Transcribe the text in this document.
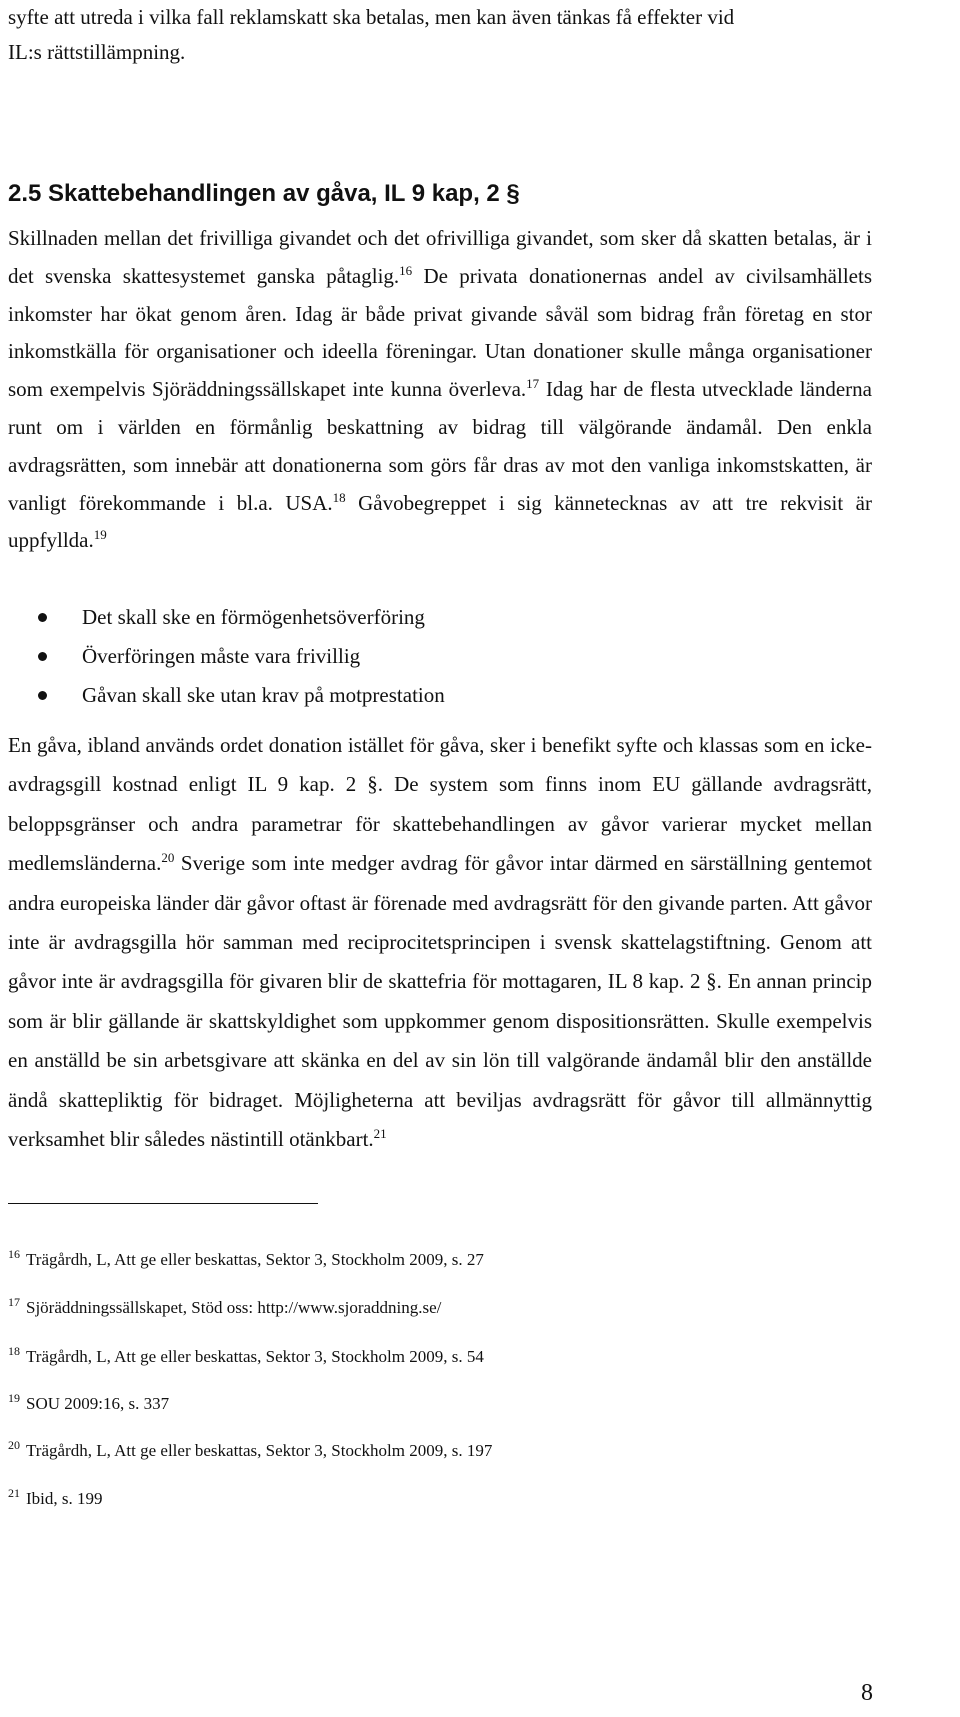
syfte att utreda i vilka fall reklamskatt ska betalas, men kan även tänkas få effekter vid

IL:s rättstillämpning.

2.5 Skattebehandlingen av gåva, IL 9 kap, 2 §

Skillnaden mellan det frivilliga givandet och det ofrivilliga givandet, som sker då skatten betalas, är i det svenska skattesystemet ganska påtaglig.$^{16}$ De privata donationernas andel av civilsamhällets inkomster har ökat genom åren. Idag är både privat givande såväl som bidrag från företag en stor inkomstkälla för organisationer och ideella föreningar. Utan donationer skulle många organisationer som exempelvis Sjöräddningssällskapet inte kunna överleva.$^{17}$ Idag har de flesta utvecklade länderna runt om i världen en förmånlig beskattning av bidrag till välgörande ändamål. Den enkla avdragsrätten, som innebär att donationerna som görs får dras av mot den vanliga inkomstskatten, är vanligt förekommande i bl.a. USA.$^{18}$ Gåvobegreppet i sig kännetecknas av att tre rekvisit är uppfyllda.$^{19}$

Det skall ske en förmögenhetsöverföring
Överföringen måste vara frivillig
Gåvan skall ske utan krav på motprestation

En gåva, ibland används ordet donation istället för gåva, sker i benefikt syfte och klassas som en icke-avdragsgill kostnad enligt IL 9 kap. 2 §. De system som finns inom EU gällande avdragsrätt, beloppsgränser och andra parametrar för skattebehandlingen av gåvor varierar mycket mellan medlemsländerna.$^{20}$ Sverige som inte medger avdrag för gåvor intar därmed en särställning gentemot andra europeiska länder där gåvor oftast är förenade med avdragsrätt för den givande parten. Att gåvor inte är avdragsgilla hör samman med reciprocitetsprincipen i svensk skattelagstiftning. Genom att gåvor inte är avdragsgilla för givaren blir de skattefria för mottagaren, IL 8 kap. 2 §. En annan princip som är blir gällande är skattskyldighet som uppkommer genom dispositionsrätten. Skulle exempelvis en anställd be sin arbetsgivare att skänka en del av sin lön till valgörande ändamål blir den anställde ändå skattepliktig för bidraget. Möjligheterna att beviljas avdragsrätt för gåvor till allmännyttig verksamhet blir således nästintill otänkbart.$^{21}$

$^{16}$ Trägårdh, L, Att ge eller beskattas, Sektor 3, Stockholm 2009, s. 27
$^{17}$ Sjöräddningssällskapet, Stöd oss: http://www.sjoraddning.se/
$^{18}$ Trägårdh, L, Att ge eller beskattas, Sektor 3, Stockholm 2009, s. 54
$^{19}$ SOU 2009:16, s. 337
$^{20}$ Trägårdh, L, Att ge eller beskattas, Sektor 3, Stockholm 2009, s. 197
$^{21}$ Ibid, s. 199
8
